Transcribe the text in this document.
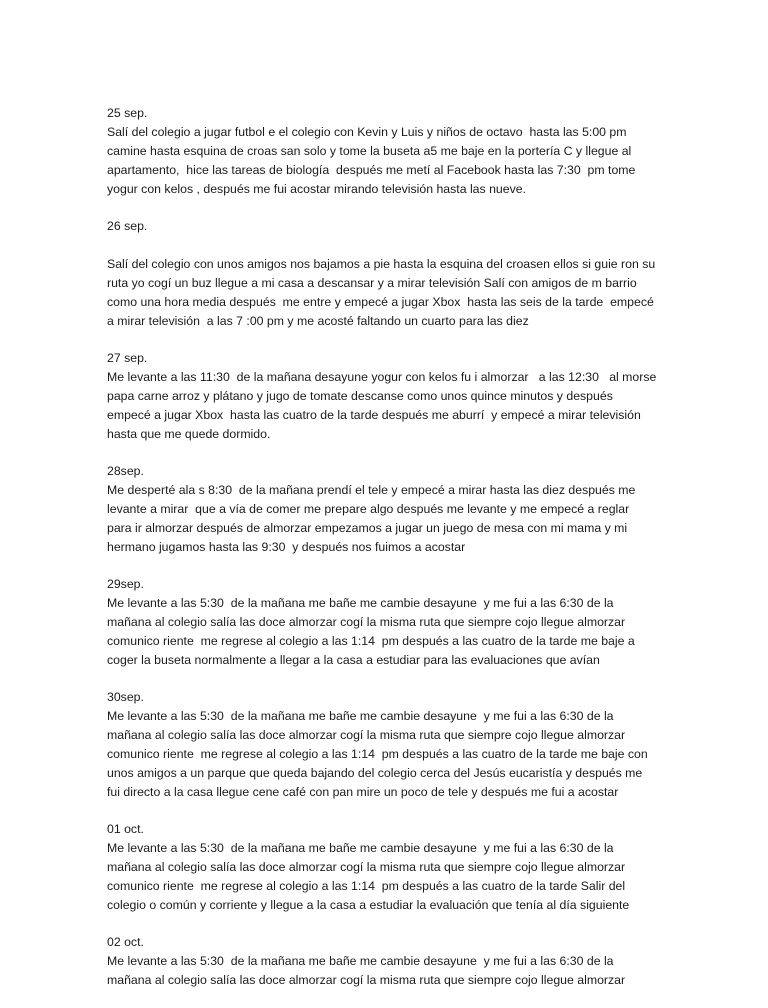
25 sep.
Salí del colegio a jugar futbol e el colegio con Kevin y Luis y niños de octavo  hasta las 5:00 pm
camine hasta esquina de croas san solo y tome la buseta a5 me baje en la portería C y llegue al
apartamento,  hice las tareas de biología  después me metí al Facebook hasta las 7:30  pm tome
yogur con kelos , después me fui acostar mirando televisión hasta las nueve.
26 sep.
Salí del colegio con unos amigos nos bajamos a pie hasta la esquina del croasen ellos si guie ron su
ruta yo cogí un buz llegue a mi casa a descansar y a mirar televisión Salí con amigos de m barrio
como una hora media después  me entre y empecé a jugar Xbox  hasta las seis de la tarde  empecé
a mirar televisión  a las 7 :00 pm y me acosté faltando un cuarto para las diez
27 sep.
Me levante a las 11:30  de la mañana desayune yogur con kelos fu i almorzar   a las 12:30   al morse
papa carne arroz y plátano y jugo de tomate descanse como unos quince minutos y después
empecé a jugar Xbox  hasta las cuatro de la tarde después me aburrí  y empecé a mirar televisión
hasta que me quede dormido.
28sep.
Me desperté ala s 8:30  de la mañana prendí el tele y empecé a mirar hasta las diez después me
levante a mirar  que a vía de comer me prepare algo después me levante y me empecé a reglar
para ir almorzar después de almorzar empezamos a jugar un juego de mesa con mi mama y mi
hermano jugamos hasta las 9:30  y después nos fuimos a acostar
29sep.
Me levante a las 5:30  de la mañana me bañe me cambie desayune  y me fui a las 6:30 de la
mañana al colegio salía las doce almorzar cogí la misma ruta que siempre cojo llegue almorzar
comunico riente  me regrese al colegio a las 1:14  pm después a las cuatro de la tarde me baje a
coger la buseta normalmente a llegar a la casa a estudiar para las evaluaciones que avían
30sep.
Me levante a las 5:30  de la mañana me bañe me cambie desayune  y me fui a las 6:30 de la
mañana al colegio salía las doce almorzar cogí la misma ruta que siempre cojo llegue almorzar
comunico riente  me regrese al colegio a las 1:14  pm después a las cuatro de la tarde me baje con
unos amigos a un parque que queda bajando del colegio cerca del Jesús eucaristía y después me
fui directo a la casa llegue cene café con pan mire un poco de tele y después me fui a acostar
01 oct.
Me levante a las 5:30  de la mañana me bañe me cambie desayune  y me fui a las 6:30 de la
mañana al colegio salía las doce almorzar cogí la misma ruta que siempre cojo llegue almorzar
comunico riente  me regrese al colegio a las 1:14  pm después a las cuatro de la tarde Salir del
colegio o común y corriente y llegue a la casa a estudiar la evaluación que tenía al día siguiente
02 oct.
Me levante a las 5:30  de la mañana me bañe me cambie desayune  y me fui a las 6:30 de la
mañana al colegio salía las doce almorzar cogí la misma ruta que siempre cojo llegue almorzar
